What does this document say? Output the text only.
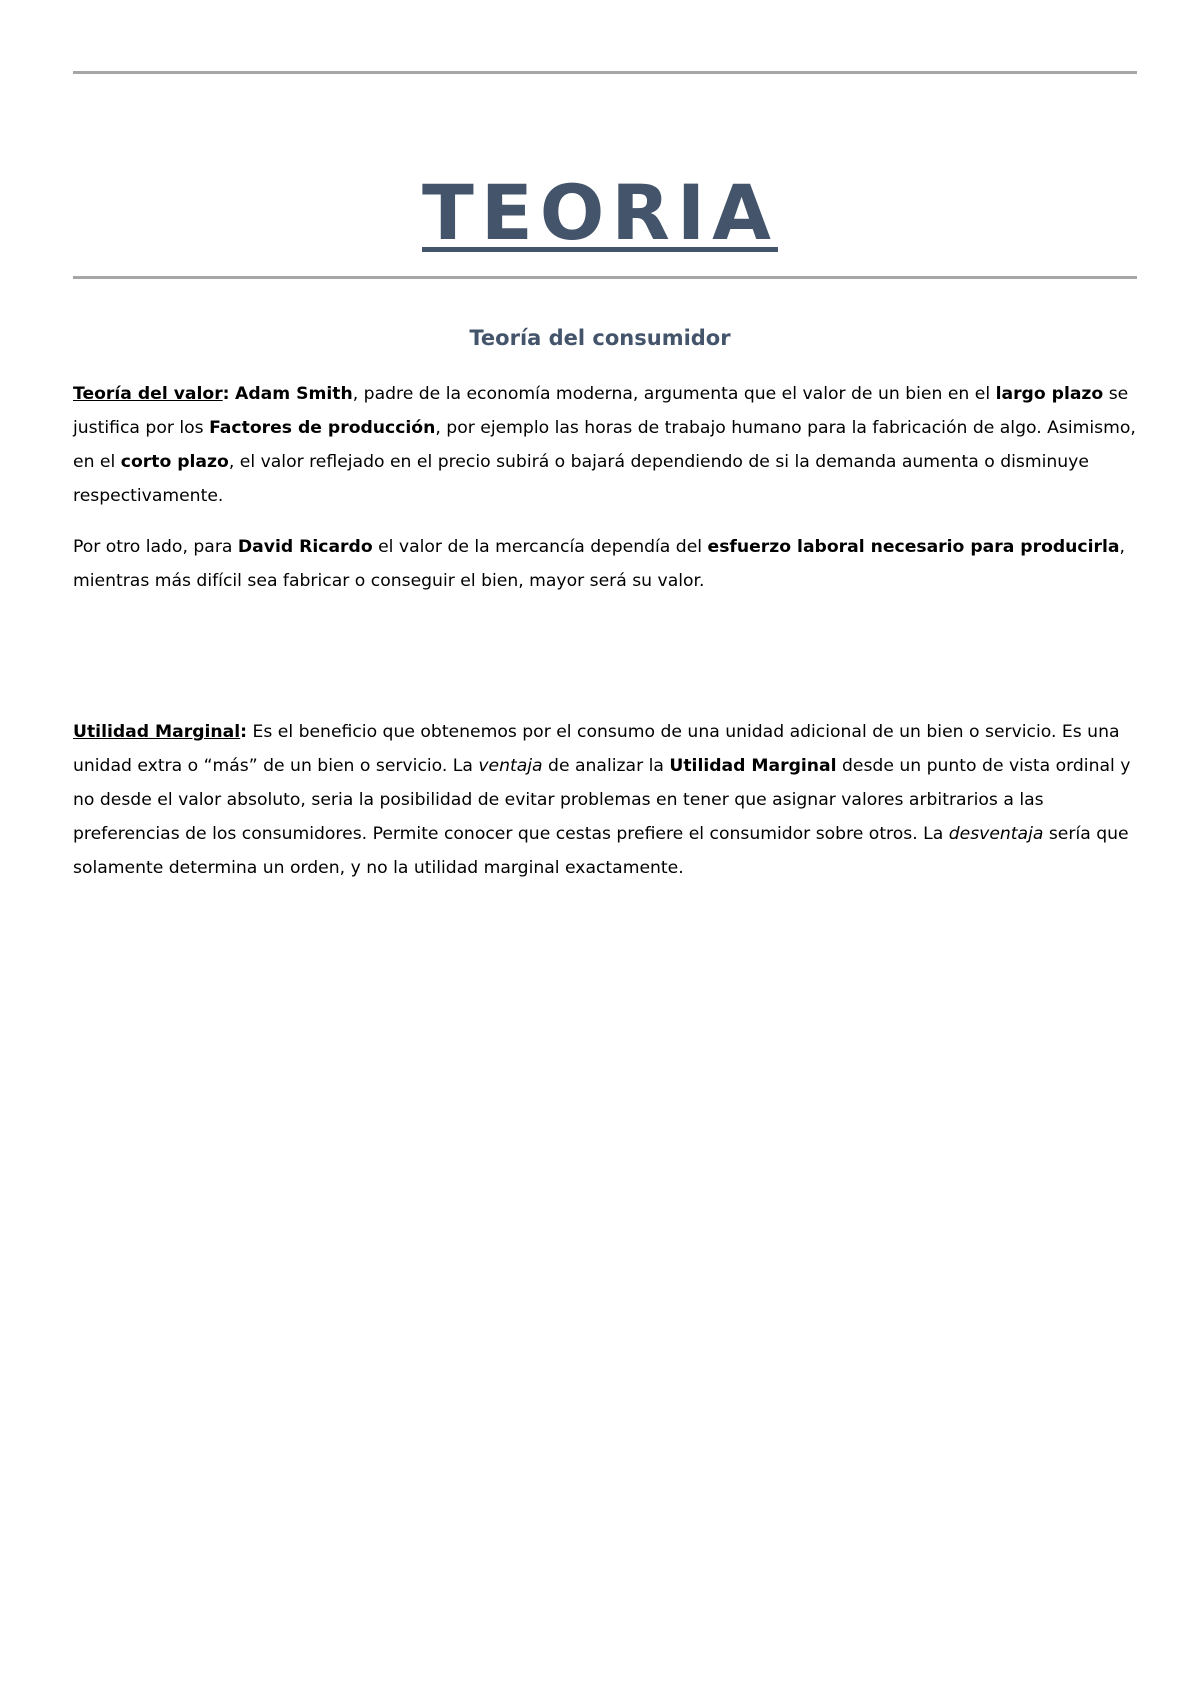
TEORIA
Teoría del consumidor

Teoría del valor: Adam Smith, padre de la economía moderna, argumenta que el valor de un bien en el largo plazo se justifica por los Factores de producción, por ejemplo las horas de trabajo humano para la fabricación de algo. Asimismo, en el corto plazo, el valor reflejado en el precio subirá o bajará dependiendo de si la demanda aumenta o disminuye respectivamente.

Por otro lado, para David Ricardo el valor de la mercancía dependía del esfuerzo laboral necesario para producirla, mientras más difícil sea fabricar o conseguir el bien, mayor será su valor.

Utilidad Marginal: Es el beneficio que obtenemos por el consumo de una unidad adicional de un bien o servicio. Es una unidad extra o “más” de un bien o servicio. La ventaja de analizar la Utilidad Marginal desde un punto de vista ordinal y no desde el valor absoluto, seria la posibilidad de evitar problemas en tener que asignar valores arbitrarios a las preferencias de los consumidores. Permite conocer que cestas prefiere el consumidor sobre otros. La desventaja sería que solamente determina un orden, y no la utilidad marginal exactamente.
